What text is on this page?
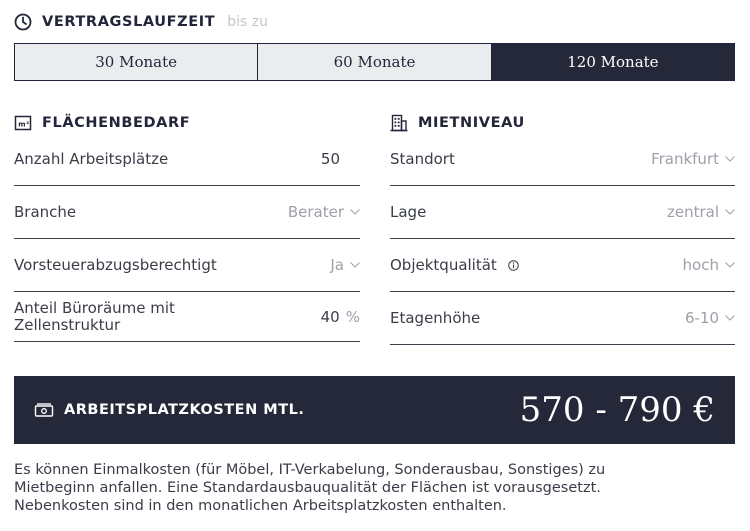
VERTRAGSLAUFZEIT bis zu
30 Monate	60 Monate	120 Monate
m² FLÄCHENBEDARF
Anzahl Arbeitsplätze	50
Branche	Berater
Vorsteuerabzugsberechtigt	Ja
Anteil Büroräume mit Zellenstruktur	40 %
MIETNIVEAU
Standort	Frankfurt
Lage	zentral
Objektqualität	hoch
Etagenhöhe	6-10
ARBEITSPLATZKOSTEN MTL.	570 - 790 €
Es können Einmalkosten (für Möbel, IT-Verkabelung, Sonderausbau, Sonstiges) zu
Mietbeginn anfallen. Eine Standardausbauqualität der Flächen ist vorausgesetzt.
Nebenkosten sind in den monatlichen Arbeitsplatzkosten enthalten.
